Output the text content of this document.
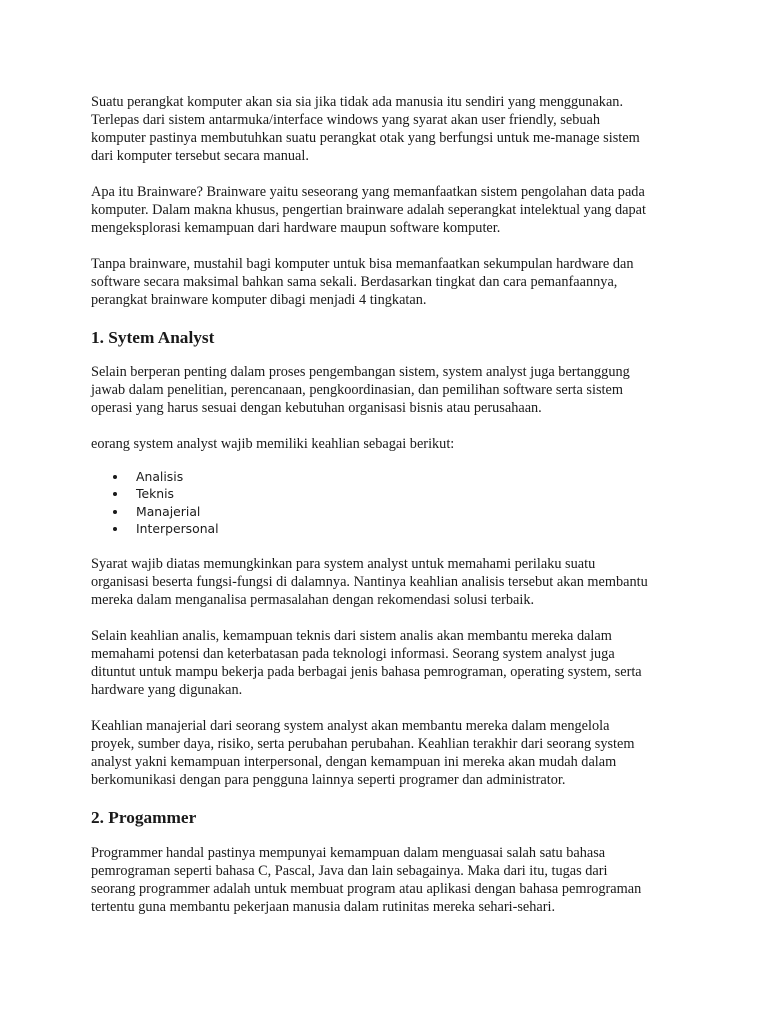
Suatu perangkat komputer akan sia sia jika tidak ada manusia itu sendiri yang menggunakan.
Terlepas dari sistem antarmuka/interface windows yang syarat akan user friendly, sebuah
komputer pastinya membutuhkan suatu perangkat otak yang berfungsi untuk me-manage sistem
dari komputer tersebut secara manual.

Apa itu Brainware? Brainware yaitu seseorang yang memanfaatkan sistem pengolahan data pada
komputer. Dalam makna khusus, pengertian brainware adalah seperangkat intelektual yang dapat
mengeksplorasi kemampuan dari hardware maupun software komputer.

Tanpa brainware, mustahil bagi komputer untuk bisa memanfaatkan sekumpulan hardware dan
software secara maksimal bahkan sama sekali. Berdasarkan tingkat dan cara pemanfaannya,
perangkat brainware komputer dibagi menjadi 4 tingkatan.

1. Sytem Analyst

Selain berperan penting dalam proses pengembangan sistem, system analyst juga bertanggung
jawab dalam penelitian, perencanaan, pengkoordinasian, dan pemilihan software serta sistem
operasi yang harus sesuai dengan kebutuhan organisasi bisnis atau perusahaan.

eorang system analyst wajib memiliki keahlian sebagai berikut:

Analisis
Teknis
Manajerial
Interpersonal

Syarat wajib diatas memungkinkan para system analyst untuk memahami perilaku suatu
organisasi beserta fungsi-fungsi di dalamnya. Nantinya keahlian analisis tersebut akan membantu
mereka dalam menganalisa permasalahan dengan rekomendasi solusi terbaik.

Selain keahlian analis, kemampuan teknis dari sistem analis akan membantu mereka dalam
memahami potensi dan keterbatasan pada teknologi informasi. Seorang system analyst juga
dituntut untuk mampu bekerja pada berbagai jenis bahasa pemrograman, operating system, serta
hardware yang digunakan.

Keahlian manajerial dari seorang system analyst akan membantu mereka dalam mengelola
proyek, sumber daya, risiko, serta perubahan perubahan. Keahlian terakhir dari seorang system
analyst yakni kemampuan interpersonal, dengan kemampuan ini mereka akan mudah dalam
berkomunikasi dengan para pengguna lainnya seperti programer dan administrator.

2. Progammer

Programmer handal pastinya mempunyai kemampuan dalam menguasai salah satu bahasa
pemrograman seperti bahasa C, Pascal, Java dan lain sebagainya. Maka dari itu, tugas dari
seorang programmer adalah untuk membuat program atau aplikasi dengan bahasa pemrograman
tertentu guna membantu pekerjaan manusia dalam rutinitas mereka sehari-sehari.
